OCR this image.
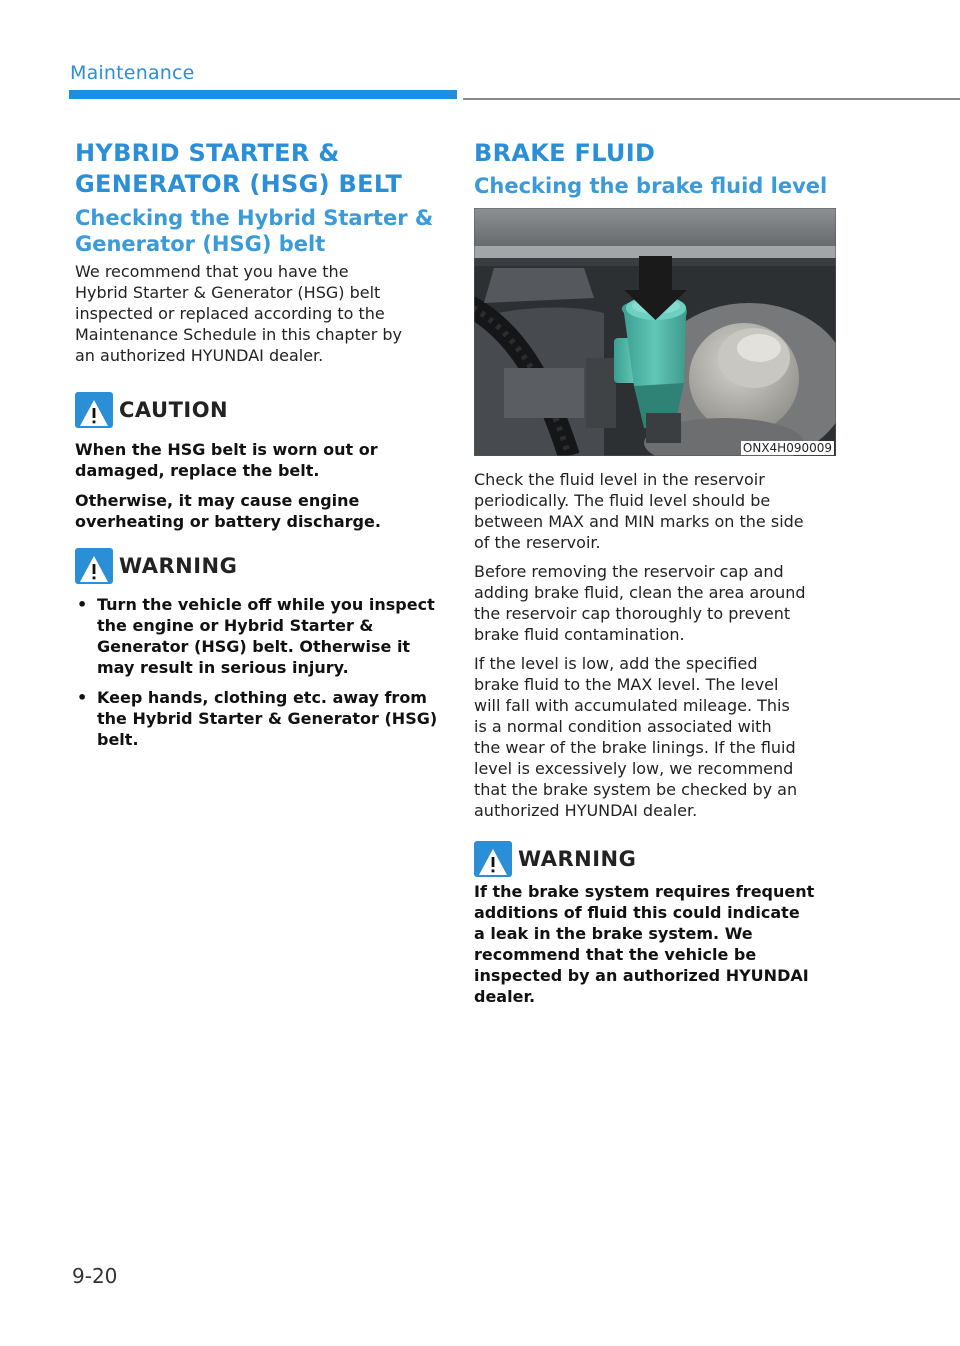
Maintenance
HYBRID STARTER &
GENERATOR (HSG) BELT
Checking the Hybrid Starter &
Generator (HSG) belt
We recommend that you have the
Hybrid Starter & Generator (HSG) belt
inspected or replaced according to the
Maintenance Schedule in this chapter by
an authorized HYUNDAI dealer.
CAUTION
When the HSG belt is worn out or
damaged, replace the belt.
Otherwise, it may cause engine
overheating or battery discharge.
WARNING
• Turn the vehicle off while you inspect
the engine or Hybrid Starter &
Generator (HSG) belt. Otherwise it
may result in serious injury.
• Keep hands, clothing etc. away from
the Hybrid Starter & Generator (HSG)
belt.
BRAKE FLUID
Checking the brake fluid level
ONX4H090009
Check the fluid level in the reservoir
periodically. The fluid level should be
between MAX and MIN marks on the side
of the reservoir.
Before removing the reservoir cap and
adding brake fluid, clean the area around
the reservoir cap thoroughly to prevent
brake fluid contamination.
If the level is low, add the specified
brake fluid to the MAX level. The level
will fall with accumulated mileage. This
is a normal condition associated with
the wear of the brake linings. If the fluid
level is excessively low, we recommend
that the brake system be checked by an
authorized HYUNDAI dealer.
WARNING
If the brake system requires frequent
additions of fluid this could indicate
a leak in the brake system. We
recommend that the vehicle be
inspected by an authorized HYUNDAI
dealer.
9-20
